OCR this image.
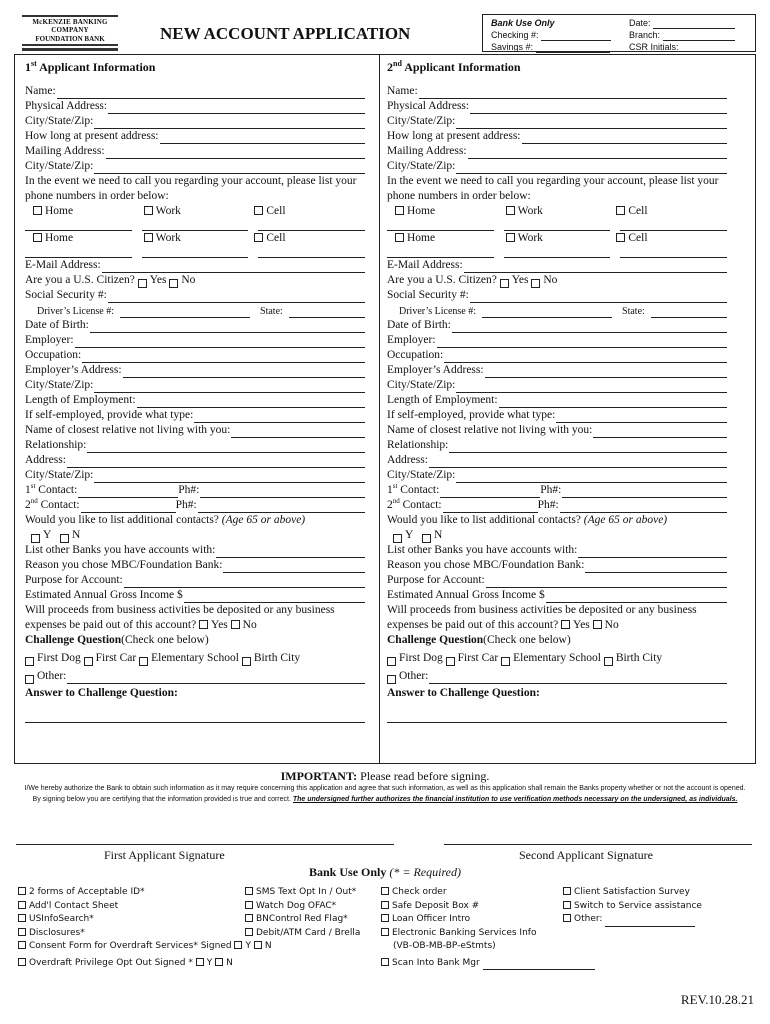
McKENZIE BANKING COMPANY
FOUNDATION BANK	NEW ACCOUNT APPLICATION
Bank Use Only
Checking #:
Savings #:
Date:
Branch:
CSR Initials:
1st Applicant Information
Name:
Physical Address:
City/State/Zip:
How long at present address:
Mailing Address:
City/State/Zip:
In the event we need to call you regarding your account, please list your phone numbers in order below:
Home	Work	Cell
Home	Work	Cell
E-Mail Address:
Are you a U.S. Citizen?
Yes
No
Social Security #:
Driver’s License #:	State:
Date of Birth:
Employer:
Occupation:
Employer’s Address:
City/State/Zip:
Length of Employment:
If self-employed, provide what type:
Name of closest relative not living with you:
Relationship:
Address:
City/State/Zip:
1st Contact:	Ph#:
2nd Contact:	Ph#:
Would you like to list additional contacts?
(Age 65 or above)
Y
N
List other Banks you have accounts with:
Reason you chose MBC/Foundation Bank:
Purpose for Account:
Estimated Annual Gross Income $
Will proceeds from business activities be deposited or any business expenses be paid out of this account? Yes No
Challenge Question (Check one below)
First Dog
First Car
Elementary School
Birth City
Other:
Answer to Challenge Question:
2nd Applicant Information
Name:
Physical Address:
City/State/Zip:
How long at present address:
Mailing Address:
City/State/Zip:
In the event we need to call you regarding your account, please list your phone numbers in order below:
Home	Work	Cell
Home	Work	Cell
E-Mail Address:
Are you a U.S. Citizen?
Yes
No
Social Security #:
Driver’s License #:	State:
Date of Birth:
Employer:
Occupation:
Employer’s Address:
City/State/Zip:
Length of Employment:
If self-employed, provide what type:
Name of closest relative not living with you:
Relationship:
Address:
City/State/Zip:
1st Contact:	Ph#:
2nd Contact:	Ph#:
Would you like to list additional contacts?
(Age 65 or above)
Y
N
List other Banks you have accounts with:
Reason you chose MBC/Foundation Bank:
Purpose for Account:
Estimated Annual Gross Income $
Will proceeds from business activities be deposited or any business expenses be paid out of this account? Yes No
Challenge Question (Check one below)
First Dog
First Car
Elementary School
Birth City
Other:
Answer to Challenge Question:
IMPORTANT: Please read before signing.
I/We hereby authorize the Bank to obtain such information as it may require concerning this application and agree that such information, as well as this application shall remain the Banks property whether or not the account is opened. By signing below you are certifying that the information provided is true and correct. The undersigned further authorizes the financial institution to use verification methods necessary on the undersigned, as individuals.
First Applicant Signature	Second Applicant Signature
Bank Use Only (* = Required)
2 forms of Acceptable ID*
Add'l Contact Sheet
USInfoSearch*
Disclosures*
Consent Form for Overdraft Services* Signed Y N
Overdraft Privilege Opt Out Signed * Y N
SMS Text Opt In / Out*
Watch Dog OFAC*
BNControl Red Flag*
Debit/ATM Card / Brella
Check order
Safe Deposit Box #
Loan Officer Intro
Electronic Banking Services Info
(VB-OB-MB-BP-eStmts)
Scan Into Bank Mgr
Client Satisfaction Survey
Switch to Service assistance
Other:
REV.10.28.21
